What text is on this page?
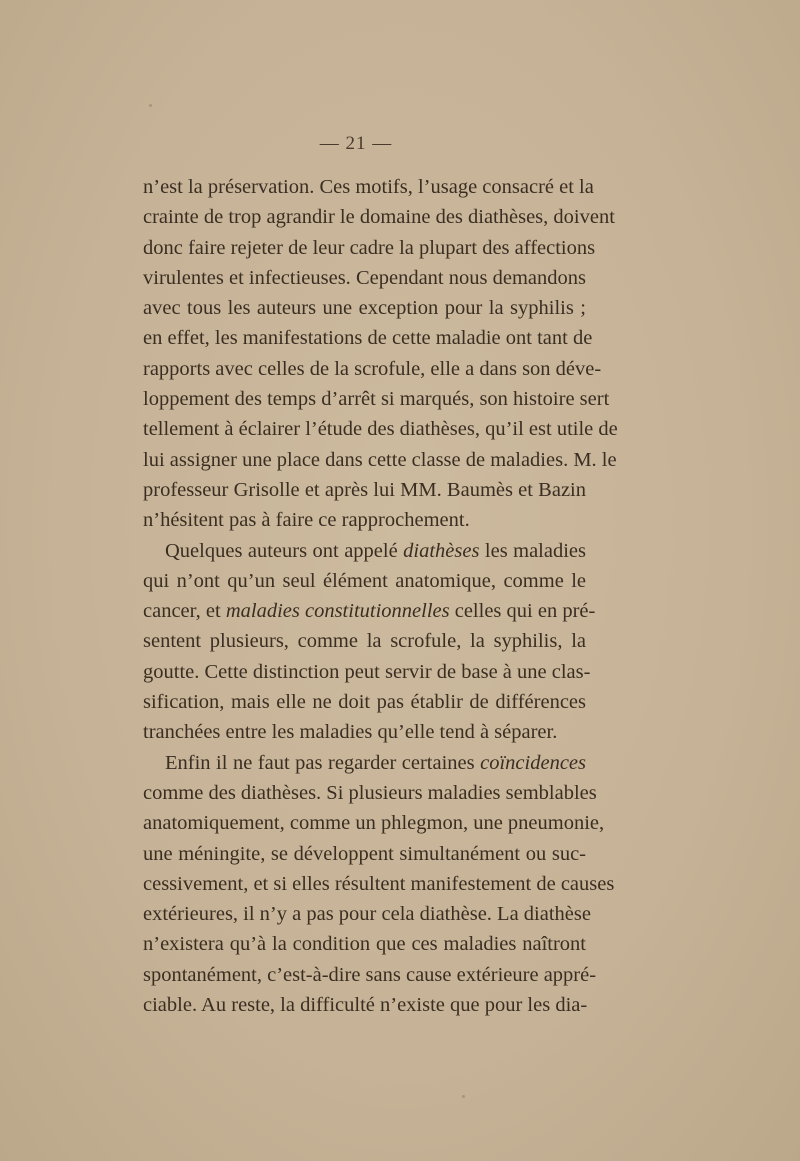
— 21 —
n’est la préservation. Ces motifs, l’usage consacré et la
crainte de trop agrandir le domaine des diathèses, doivent
donc faire rejeter de leur cadre la plupart des affections
virulentes et infectieuses. Cependant nous demandons
avec tous les auteurs une exception pour la syphilis ;
en effet, les manifestations de cette maladie ont tant de
rapports avec celles de la scrofule, elle a dans son déve-
loppement des temps d’arrêt si marqués, son histoire sert
tellement à éclairer l’étude des diathèses, qu’il est utile de
lui assigner une place dans cette classe de maladies. M. le
professeur Grisolle et après lui MM. Baumès et Bazin
n’hésitent pas à faire ce rapprochement.
Quelques auteurs ont appelé diathèses les maladies
qui n’ont qu’un seul élément anatomique, comme le
cancer, et maladies constitutionnelles celles qui en pré-
sentent plusieurs, comme la scrofule, la syphilis, la
goutte. Cette distinction peut servir de base à une clas-
sification, mais elle ne doit pas établir de différences
tranchées entre les maladies qu’elle tend à séparer.
Enfin il ne faut pas regarder certaines coïncidences
comme des diathèses. Si plusieurs maladies semblables
anatomiquement, comme un phlegmon, une pneumonie,
une méningite, se développent simultanément ou suc-
cessivement, et si elles résultent manifestement de causes
extérieures, il n’y a pas pour cela diathèse. La diathèse
n’existera qu’à la condition que ces maladies naîtront
spontanément, c’est-à-dire sans cause extérieure appré-
ciable. Au reste, la difficulté n’existe que pour les dia-
